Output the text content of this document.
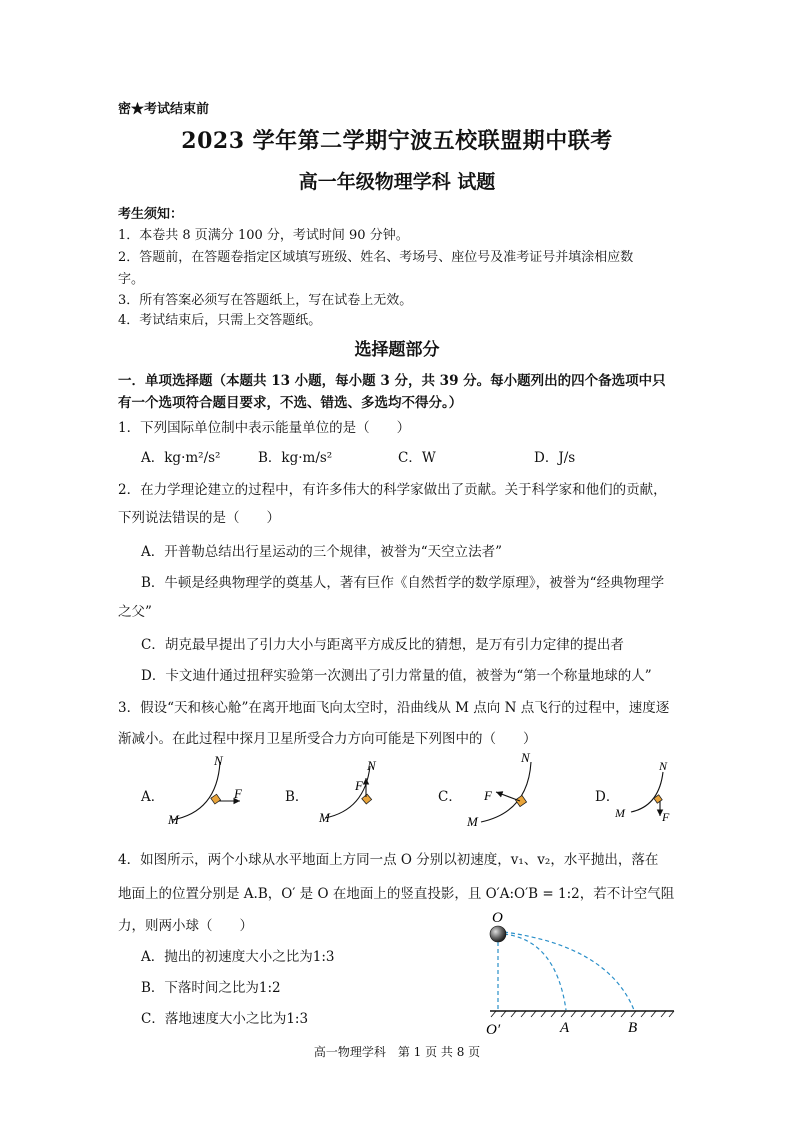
密★考试结束前
2023 学年第二学期宁波五校联盟期中联考
高一年级物理学科 试题
考生须知：
1．本卷共 8 页满分 100 分，考试时间 90 分钟。
2．答题前，在答题卷指定区域填写班级、姓名、考场号、座位号及准考证号并填涂相应数
字。
3．所有答案必须写在答题纸上，写在试卷上无效。
4．考试结束后，只需上交答题纸。
选择题部分
一．单项选择题（本题共 13 小题，每小题 3 分，共 39 分。每小题列出的四个备选项中只
有一个选项符合题目要求，不选、错选、多选均不得分。）
1．下列国际单位制中表示能量单位的是（　　）
A．kg·m²/s²	B．kg·m/s²	C．W	D．J/s
2．在力学理论建立的过程中，有许多伟大的科学家做出了贡献。关于科学家和他们的贡献，
下列说法错误的是（　　）
A．开普勒总结出行星运动的三个规律，被誉为“天空立法者”
B．牛顿是经典物理学的奠基人，著有巨作《自然哲学的数学原理》，被誉为“经典物理学
之父”
C．胡克最早提出了引力大小与距离平方成反比的猜想，是万有引力定律的提出者
D．卡文迪什通过扭秤实验第一次测出了引力常量的值，被誉为“第一个称量地球的人”
3．假设“天和核心舱”在离开地面飞向太空时，沿曲线从 M 点向 N 点飞行的过程中，速度逐
渐减小。在此过程中探月卫星所受合力方向可能是下列图中的（　　）
A．	B．	C．	D．
N
M
F
N
M
F
N
M
F
N
M	F
4．如图所示，两个小球从水平地面上方同一点 O 分别以初速度，v₁、v₂，水平抛出，落在
地面上的位置分别是 A.B，O′ 是 O 在地面上的竖直投影，且 O′A:O′B = 1:2，若不计空气阻
力，则两小球（　　）
A．抛出的初速度大小之比为1:3
B．下落时间之比为1:2
C．落地速度大小之比为1:3
O
O′	A	B
高一物理学科　第 1 页 共 8 页
